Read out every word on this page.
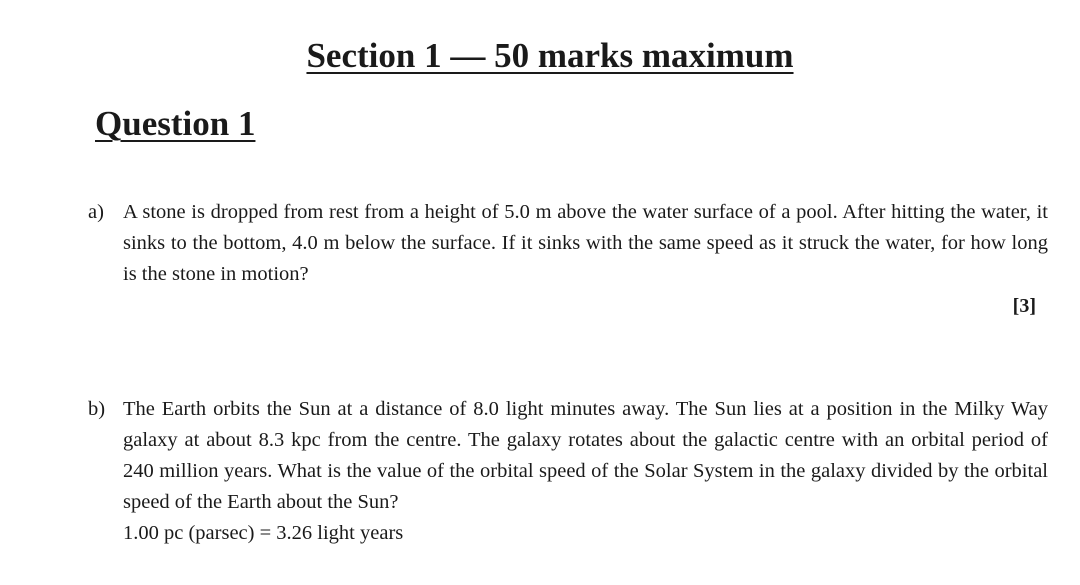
Section 1 — 50 marks maximum
Question 1
a) A stone is dropped from rest from a height of 5.0 m above the water surface of a pool. After hitting the water, it sinks to the bottom, 4.0 m below the surface. If it sinks with the same speed as it struck the water, for how long is the stone in motion?

[3]
b) The Earth orbits the Sun at a distance of 8.0 light minutes away. The Sun lies at a position in the Milky Way galaxy at about 8.3 kpc from the centre. The galaxy rotates about the galactic centre with an orbital period of 240 million years. What is the value of the orbital speed of the Solar System in the galaxy divided by the orbital speed of the Earth about the Sun?

1.00 pc (parsec) = 3.26 light years
